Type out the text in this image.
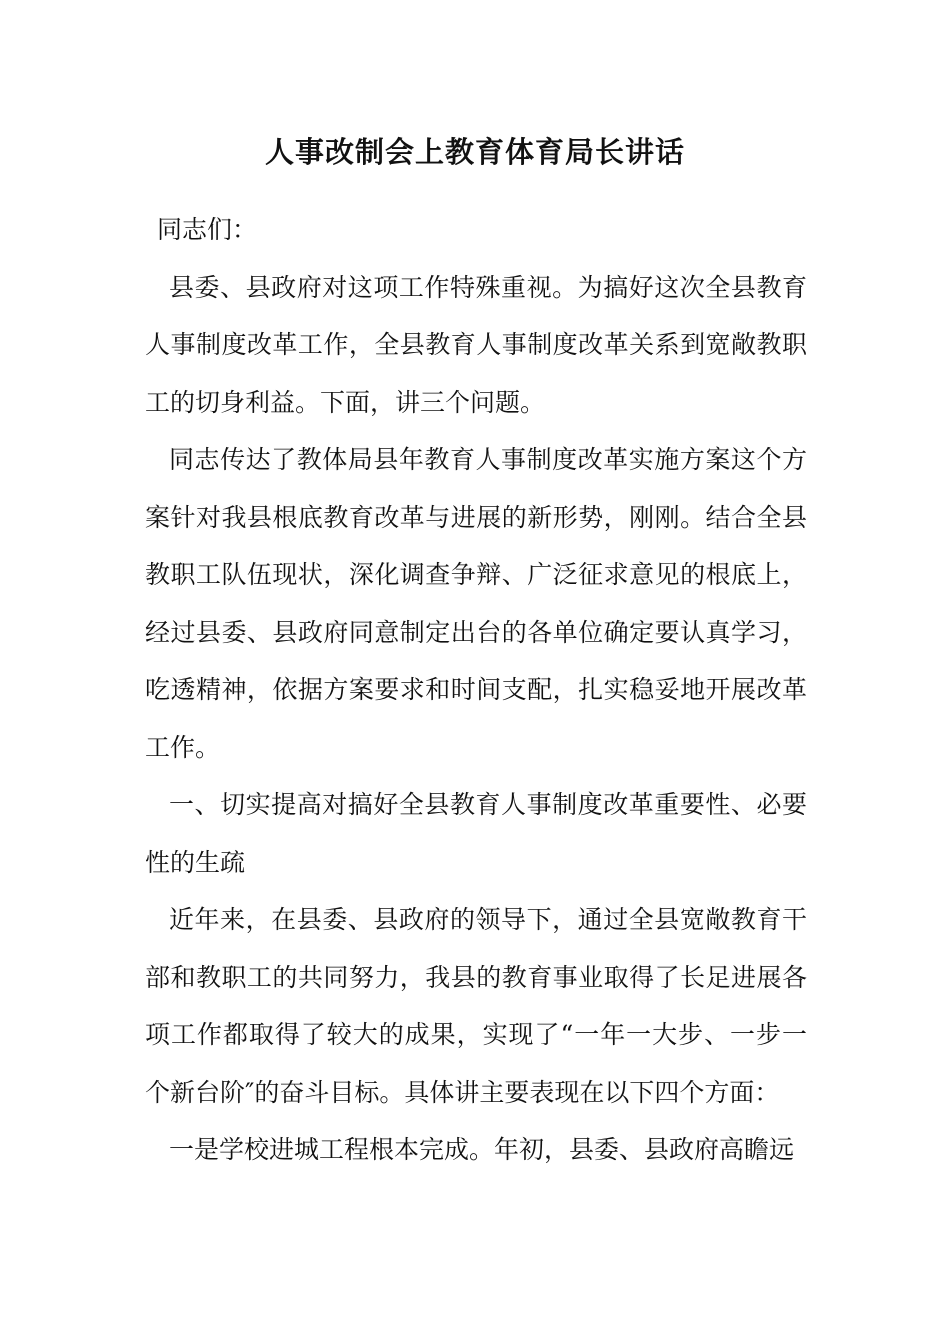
人事改制会上教育体育局长讲话

同志们：

县委、县政府对这项工作特殊重视。为搞好这次全县教育人事制度改革工作，全县教育人事制度改革关系到宽敞教职工的切身利益。下面，讲三个问题。

同志传达了教体局县年教育人事制度改革实施方案这个方案针对我县根底教育改革与进展的新形势，刚刚。结合全县教职工队伍现状，深化调查争辩、广泛征求意见的根底上，经过县委、县政府同意制定出台的各单位确定要认真学习，吃透精神，依据方案要求和时间支配，扎实稳妥地开展改革工作。

一、切实提高对搞好全县教育人事制度改革重要性、必要性的生疏

近年来，在县委、县政府的领导下，通过全县宽敞教育干部和教职工的共同努力，我县的教育事业取得了长足进展各项工作都取得了较大的成果，实现了“一年一大步、一步一个新台阶″的奋斗目标。具体讲主要表现在以下四个方面：

一是学校进城工程根本完成。年初，县委、县政府高瞻远
